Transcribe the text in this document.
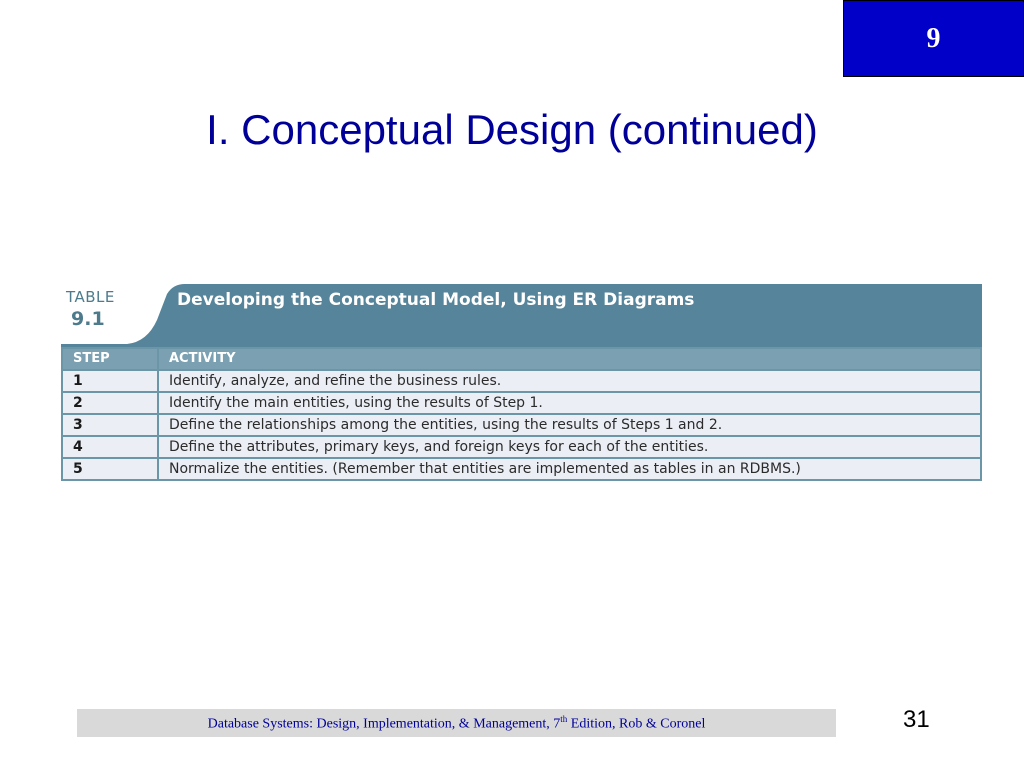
9
I. Conceptual Design (continued)
TABLE
9.1
Developing the Conceptual Model, Using ER Diagrams
STEP	ACTIVITY
1	Identify, analyze, and refine the business rules.
2	Identify the main entities, using the results of Step 1.
3	Define the relationships among the entities, using the results of Steps 1 and 2.
4	Define the attributes, primary keys, and foreign keys for each of the entities.
5	Normalize the entities. (Remember that entities are implemented as tables in an RDBMS.)
Database Systems: Design, Implementation, & Management, 7th Edition, Rob & Coronel	31
